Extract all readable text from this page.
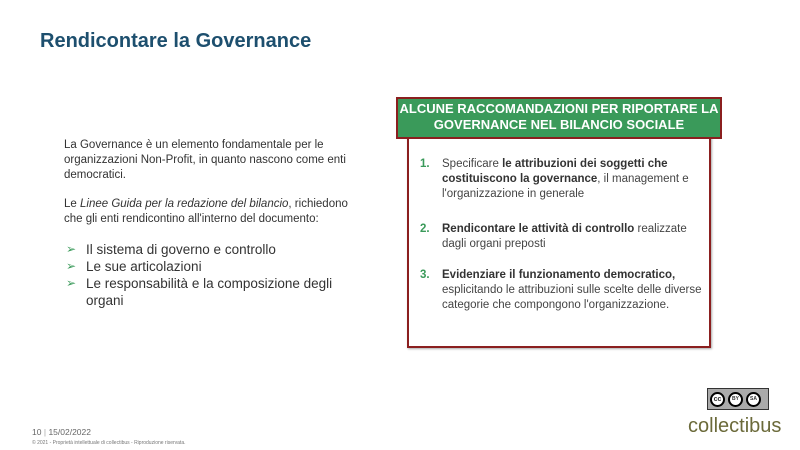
Rendicontare la Governance

La Governance è un elemento fondamentale per le organizzazioni Non-Profit, in quanto nascono come enti democratici.

Le Linee Guida per la redazione del bilancio, richiedono che gli enti rendicontino all'interno del documento:

➢ Il sistema di governo e controllo
➢ Le sue articolazioni
➢ Le responsabilità e la composizione degli organi
ALCUNE RACCOMANDAZIONI PER RIPORTARE LA GOVERNANCE NEL BILANCIO SOCIALE
1. Specificare le attribuzioni dei soggetti che costituiscono la governance, il management e l'organizzazione in generale
2. Rendicontare le attività di controllo realizzate dagli organi preposti
3. Evidenziare il funzionamento democratico, esplicitando le attribuzioni sulle scelte delle diverse categorie che compongono l'organizzazione.
10 | 15/02/2022
© 2021 - Proprietà intellettuale di collectibus - Riproduzione riservata.
cc	BY	SA
collectibus
